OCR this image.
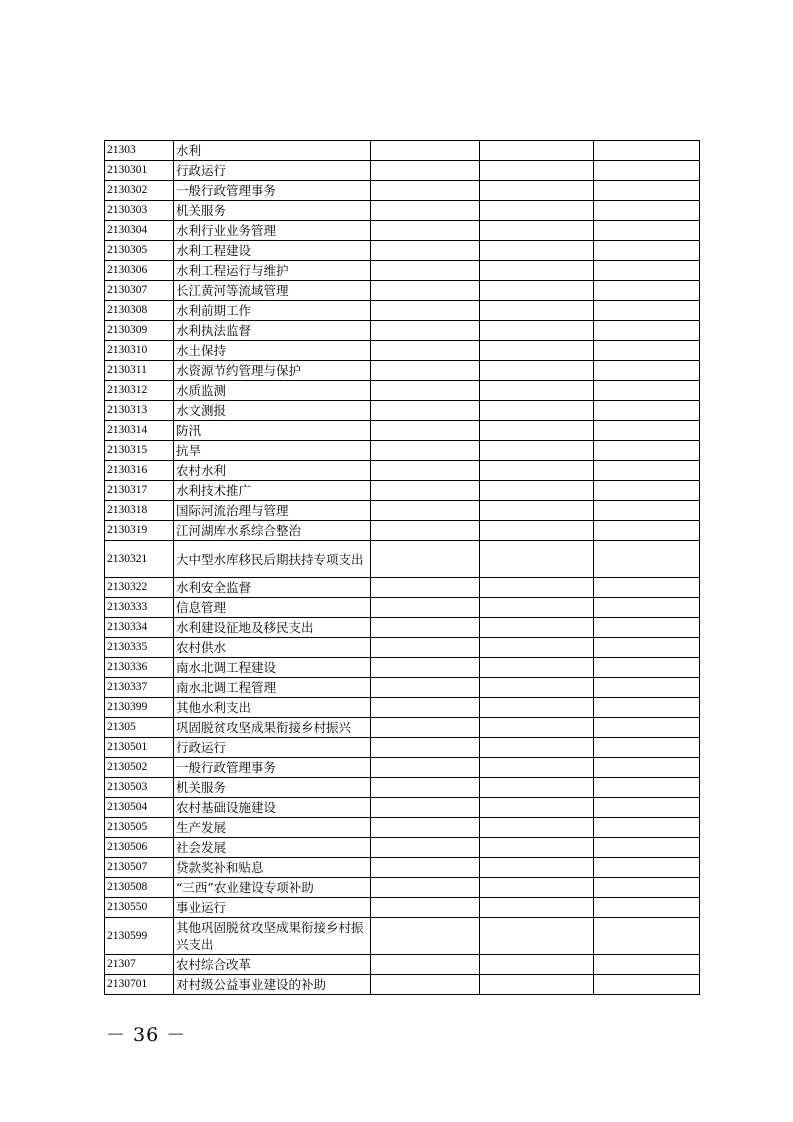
21303	水利			
2130301	行政运行			
2130302	一般行政管理事务			
2130303	机关服务			
2130304	水利行业业务管理			
2130305	水利工程建设			
2130306	水利工程运行与维护			
2130307	长江黄河等流域管理			
2130308	水利前期工作			
2130309	水利执法监督			
2130310	水土保持			
2130311	水资源节约管理与保护			
2130312	水质监测			
2130313	水文测报			
2130314	防汛			
2130315	抗旱			
2130316	农村水利			
2130317	水利技术推广			
2130318	国际河流治理与管理			
2130319	江河湖库水系综合整治			
2130321	大中型水库移民后期扶持专项支出			
2130322	水利安全监督			
2130333	信息管理			
2130334	水利建设征地及移民支出			
2130335	农村供水			
2130336	南水北调工程建设			
2130337	南水北调工程管理			
2130399	其他水利支出			
21305	巩固脱贫攻坚成果衔接乡村振兴			
2130501	行政运行			
2130502	一般行政管理事务			
2130503	机关服务			
2130504	农村基础设施建设			
2130505	生产发展			
2130506	社会发展			
2130507	贷款奖补和贴息			
2130508	“三西”农业建设专项补助			
2130550	事业运行			
2130599	其他巩固脱贫攻坚成果衔接乡村振兴支出			
21307	农村综合改革			
2130701	对村级公益事业建设的补助			
－ 36 －
